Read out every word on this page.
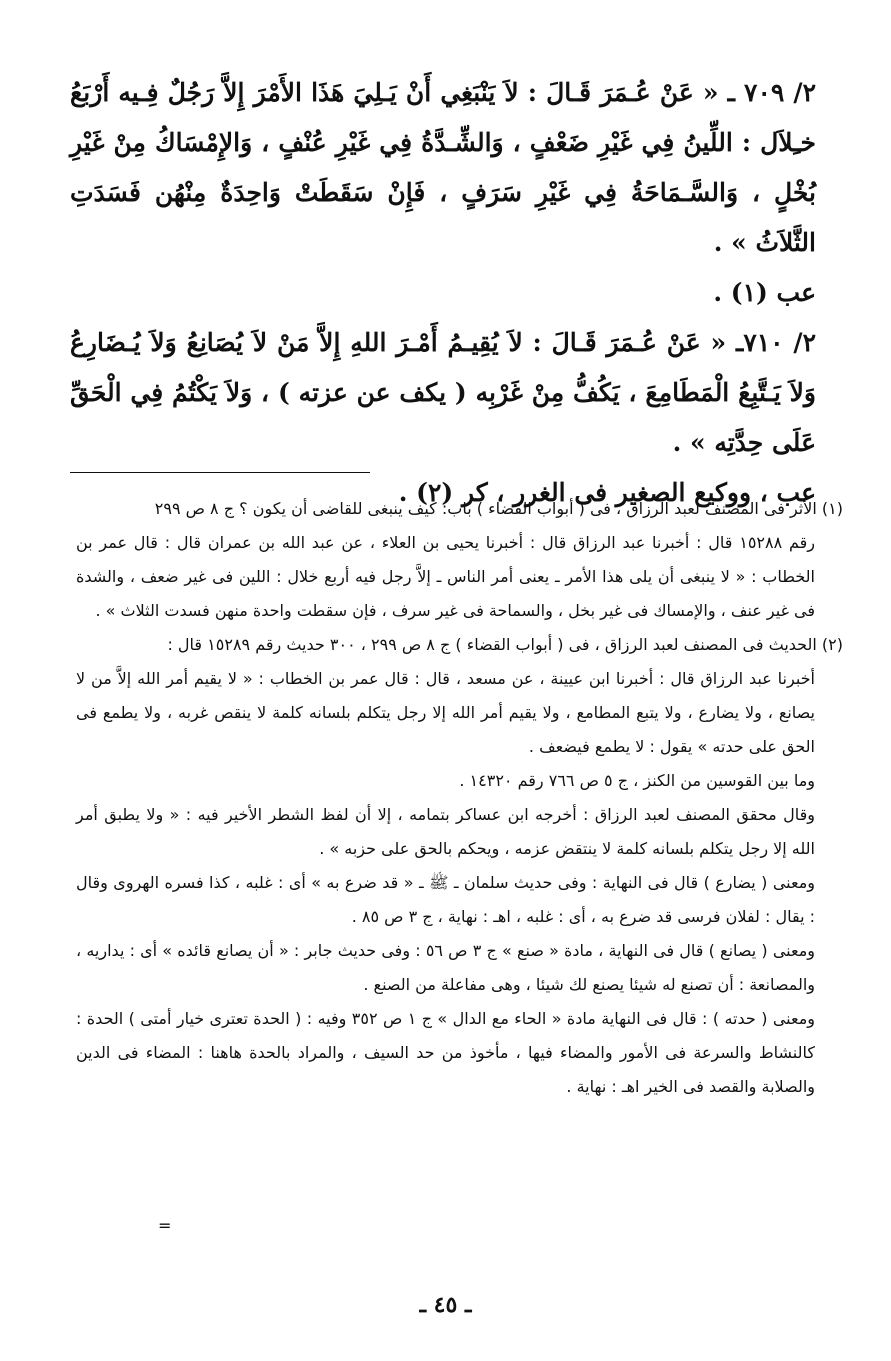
٢/ ٧٠٩ ـ « عَنْ عُـمَرَ قَـالَ : لاَ يَنْبَغِي أَنْ يَـلِيَ هَذَا الأَمْرَ إِلاَّ رَجُلٌ فِـيه أَرْبَعُ خـِلاَل : اللِّينُ فِي غَيْرِ ضَعْفٍ ، وَالشِّـدَّةُ فِي غَيْرِ عُنْفٍ ، وَالإِمْسَاكُ مِنْ غَيْرِ بُخْلٍ ، وَالسَّـمَاحَةُ فِي غَيْرِ سَرَفٍ ، فَإِنْ سَقَطَتْ وَاحِدَةٌ مِنْهُن فَسَدَتِ الثَّلاَثُ » .

عب (١) .

٢/ ٧١٠ـ « عَنْ عُـمَرَ قَـالَ : لاَ يُقِيـمُ أَمْـرَ اللهِ إِلاَّ مَنْ لاَ يُصَانِعُ وَلاَ يُـضَارِعُ وَلاَ يَـتَّبِعُ الْمَطَامِعَ ، يَكُفُّ مِنْ غَرْبِه ( يكف عن عزته ) ، وَلاَ يَكْتُمُ فِي الْحَقِّ عَلَى حِدَّتِه » .

عب ، ووكيع الصغير فى الغرر ، كر (٢) .

(١) الأثر فى المصنف لعبد الرزاق ، فى ( أبواب القضاء ) باب: كيف ينبغى للقاضى أن يكون ؟ ج ٨ ص ٢٩٩

رقم ١٥٢٨٨ قال : أخبرنا عبد الرزاق قال : أخبرنا يحيى بن العلاء ، عن عبد الله بن عمران قال : قال عمر بن الخطاب : « لا ينبغى أن يلى هذا الأمر ـ يعنى أمر الناس ـ إلاَّ رجل فيه أربع خلال : اللين فى غير ضعف ، والشدة فى غير عنف ، والإمساك فى غير بخل ، والسماحة فى غير سرف ، فإن سقطت واحدة منهن فسدت الثلاث » .

(٢) الحديث فى المصنف لعبد الرزاق ، فى ( أبواب القضاء ) ج ٨ ص ٢٩٩ ، ٣٠٠ حديث رقم ١٥٢٨٩ قال :

أخبرنا عبد الرزاق قال : أخبرنا ابن عيينة ، عن مسعد ، قال : قال عمر بن الخطاب : « لا يقيم أمر الله إلاَّ من لا يصانع ، ولا يضارع ، ولا يتبع المطامع ، ولا يقيم أمر الله إلا رجل يتكلم بلسانه كلمة لا ينقص غربه ، ولا يطمع فى الحق على حدته » يقول : لا يطمع فيضعف .

وما بين القوسين من الكنز ، ج ٥ ص ٧٦٦ رقم ١٤٣٢٠ .

وقال محقق المصنف لعبد الرزاق : أخرجه ابن عساكر بتمامه ، إلا أن لفظ الشطر الأخير فيه : « ولا يطبق أمر الله إلا رجل يتكلم بلسانه كلمة لا ينتقض عزمه ، ويحكم بالحق على حزبه » .

ومعنى ( يضارع ) قال فى النهاية : وفى حديث سلمان ـ ﷺ ـ « قد ضرع به » أى : غلبه ، كذا فسره الهروى وقال : يقال : لفلان فرسى قد ضرع به ، أى : غلبه ، اهـ : نهاية ، ج ٣ ص ٨٥ .

ومعنى ( يصانع ) قال فى النهاية ، مادة « صنع » ج ٣ ص ٥٦ : وفى حديث جابر : « أن يصانع قائده » أى : يداريه ، والمصانعة : أن تصنع له شيئا يصنع لك شيئا ، وهى مفاعلة من الصنع .

ومعنى ( حدته ) : قال فى النهاية مادة « الحاء مع الدال » ج ١ ص ٣٥٢ وفيه : ( الحدة تعترى خيار أمتى ) الحدة : كالنشاط والسرعة فى الأمور والمضاء فيها ، مأخوذ من حد السيف ، والمراد بالحدة هاهنا : المضاء فى الدين والصلابة والقصد فى الخير اهـ : نهاية .

=
ـ ٤٥ ـ
